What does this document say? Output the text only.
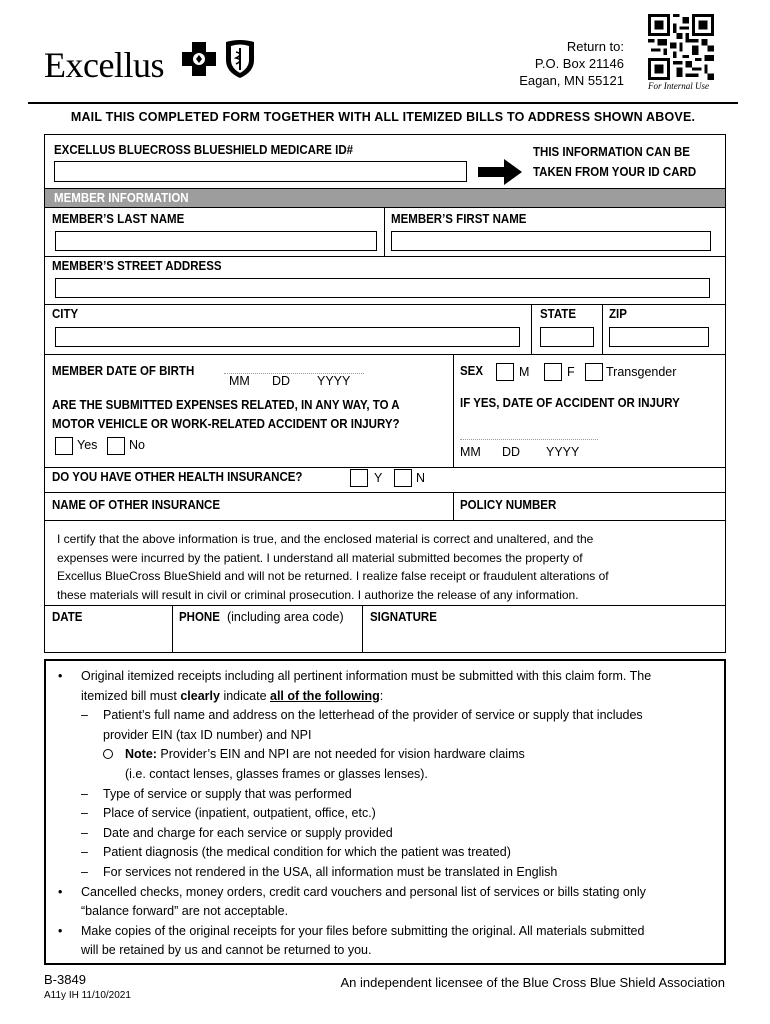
Excellus	Return to:
P.O. Box 21146
Eagan, MN 55121	For Internal Use
MAIL THIS COMPLETED FORM TOGETHER WITH ALL ITEMIZED BILLS TO ADDRESS SHOWN ABOVE.
EXCELLUS BLUECROSS BLUESHIELD MEDICARE ID#	THIS INFORMATION CAN BE
TAKEN FROM YOUR ID CARD
MEMBER INFORMATION
MEMBER’S LAST NAME	MEMBER’S FIRST NAME
MEMBER’S STREET ADDRESS
CITY	STATE	ZIP
MEMBER DATE OF BIRTH
MM DD YYYY
SEX	M	F	Transgender
ARE THE SUBMITTED EXPENSES RELATED, IN ANY WAY, TO A
MOTOR VEHICLE OR WORK-RELATED ACCIDENT OR INJURY?
Yes	No
IF YES, DATE OF ACCIDENT OR INJURY
MM DD YYYY
DO YOU HAVE OTHER HEALTH INSURANCE?	Y	N
NAME OF OTHER INSURANCE	POLICY NUMBER
I certify that the above information is true, and the enclosed material is correct and unaltered, and the
expenses were incurred by the patient. I understand all material submitted becomes the property of
Excellus BlueCross BlueShield and will not be returned. I realize false receipt or fraudulent alterations of
these materials will result in civil or criminal prosecution. I authorize the release of any information.
DATE	PHONE (including area code) SIGNATURE
• Original itemized receipts including all pertinent information must be submitted with this claim form. The
itemized bill must clearly indicate all of the following:
– Patient’s full name and address on the letterhead of the provider of service or supply that includes
provider EIN (tax ID number) and NPI
Note: Provider’s EIN and NPI are not needed for vision hardware claims
(i.e. contact lenses, glasses frames or glasses lenses).
– Type of service or supply that was performed
– Place of service (inpatient, outpatient, office, etc.)
– Date and charge for each service or supply provided
– Patient diagnosis (the medical condition for which the patient was treated)
– For services not rendered in the USA, all information must be translated in English
• Cancelled checks, money orders, credit card vouchers and personal list of services or bills stating only
“balance forward” are not acceptable.
• Make copies of the original receipts for your files before submitting the original. All materials submitted
will be retained by us and cannot be returned to you.
B-3849
A11y IH 11/10/2021
An independent licensee of the Blue Cross Blue Shield Association
